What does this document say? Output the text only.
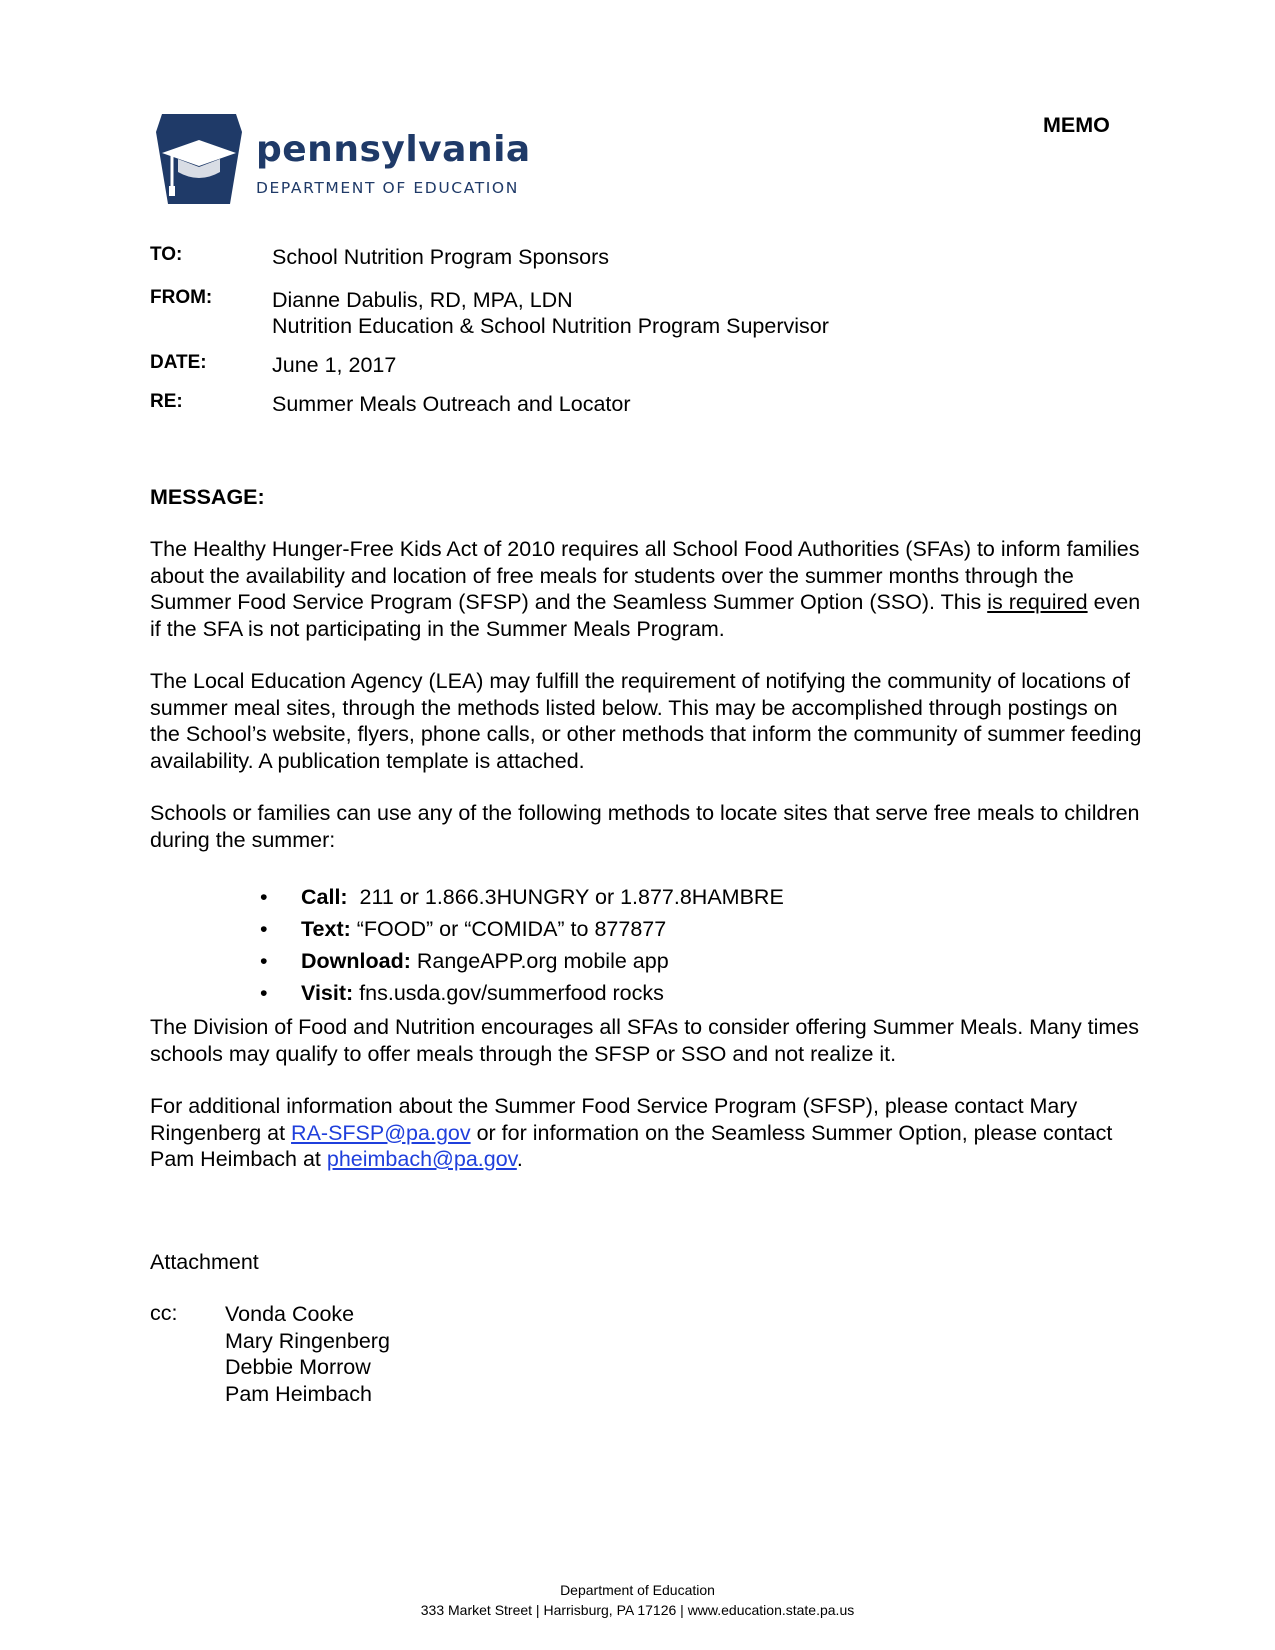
pennsylvania
DEPARTMENT OF EDUCATION
MEMO
TO:	School Nutrition Program Sponsors
FROM:	Dianne Dabulis, RD, MPA, LDN
Nutrition Education & School Nutrition Program Supervisor
DATE:	June 1, 2017
RE:	Summer Meals Outreach and Locator
MESSAGE:
The Healthy Hunger-Free Kids Act of 2010 requires all School Food Authorities (SFAs) to inform families about the availability and location of free meals for students over the summer months through the Summer Food Service Program (SFSP) and the Seamless Summer Option (SSO). This is required even if the SFA is not participating in the Summer Meals Program.
The Local Education Agency (LEA) may fulfill the requirement of notifying the community of locations of summer meal sites, through the methods listed below. This may be accomplished through postings on the School’s website, flyers, phone calls, or other methods that inform the community of summer feeding availability. A publication template is attached.
Schools or families can use any of the following methods to locate sites that serve free meals to children during the summer:
•	Call:  211 or 1.866.3HUNGRY or 1.877.8HAMBRE
•	Text: “FOOD” or “COMIDA” to 877877
•	Download: RangeAPP.org mobile app
•	Visit: fns.usda.gov/summerfood rocks
The Division of Food and Nutrition encourages all SFAs to consider offering Summer Meals. Many times schools may qualify to offer meals through the SFSP or SSO and not realize it.
For additional information about the Summer Food Service Program (SFSP), please contact Mary Ringenberg at RA-SFSP@pa.gov or for information on the Seamless Summer Option, please contact Pam Heimbach at pheimbach@pa.gov.
Attachment
cc: Vonda Cooke
Mary Ringenberg
Debbie Morrow
Pam Heimbach
Department of Education
333 Market Street | Harrisburg, PA 17126 | www.education.state.pa.us
